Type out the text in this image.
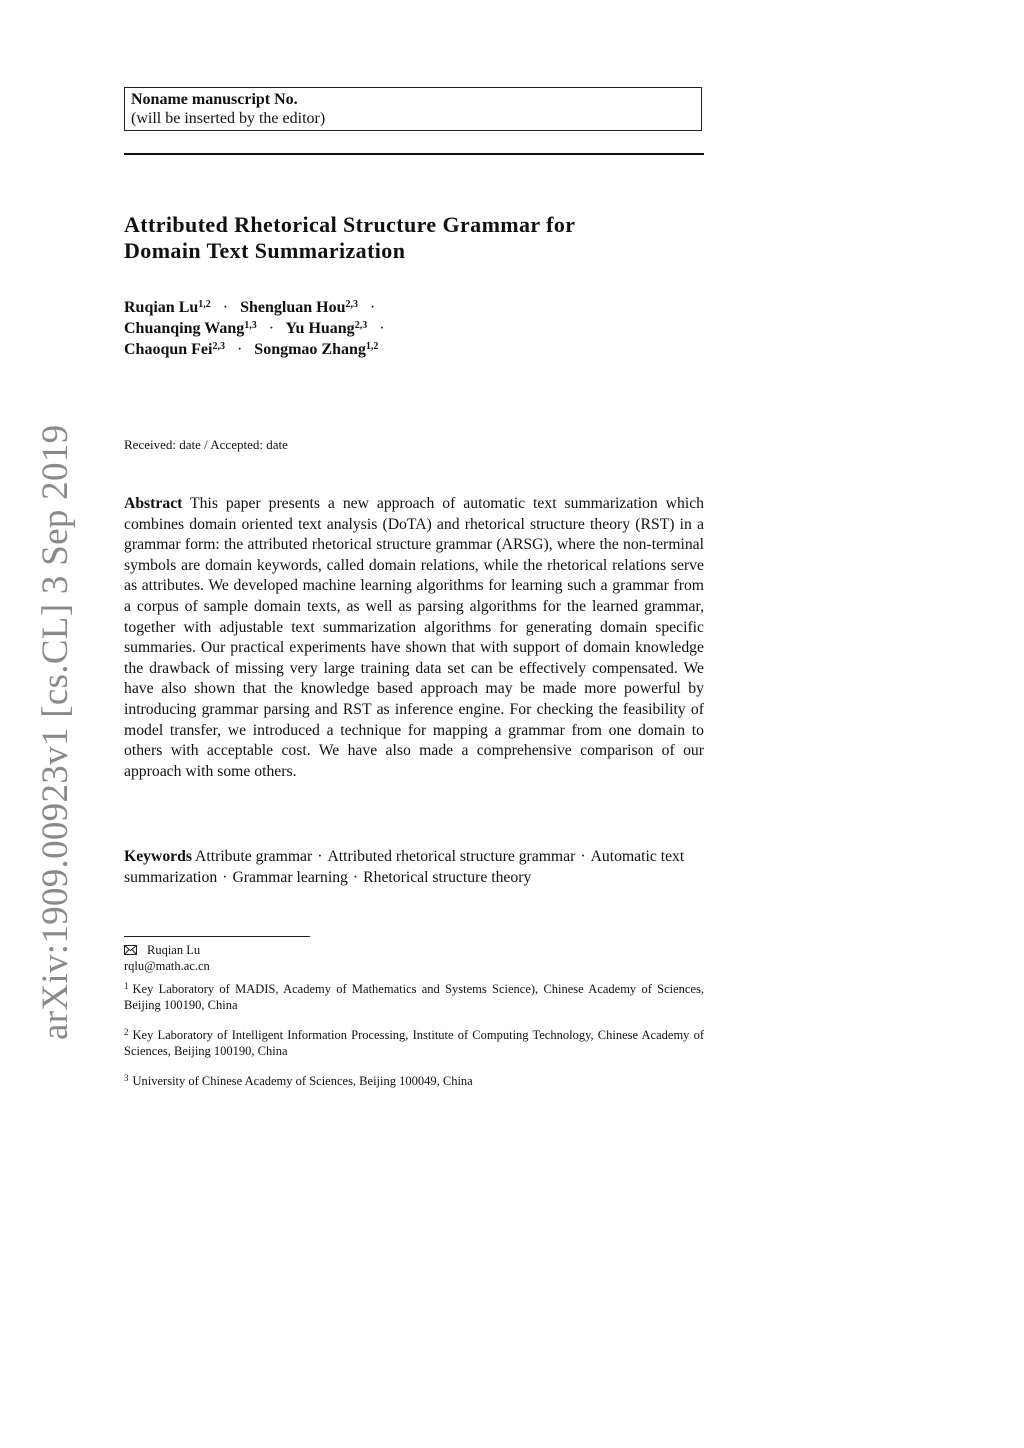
arXiv:1909.00923v1 [cs.CL] 3 Sep 2019
Noname manuscript No.
(will be inserted by the editor)
Attributed Rhetorical Structure Grammar for
Domain Text Summarization
Ruqian Lu$^{1,2}$ · Shengluan Hou$^{2,3}$ ·
Chuanqing Wang$^{1,3}$ · Yu Huang$^{2,3}$ ·
Chaoqun Fei$^{2,3}$ · Songmao Zhang$^{1,2}$
Received: date / Accepted: date
Abstract This paper presents a new approach of automatic text summarization which combines domain oriented text analysis (DoTA) and rhetorical structure theory (RST) in a grammar form: the attributed rhetorical structure grammar (ARSG), where the non-terminal symbols are domain keywords, called domain relations, while the rhetorical relations serve as attributes. We developed machine learning algorithms for learning such a grammar from a corpus of sample domain texts, as well as parsing algorithms for the learned grammar, together with adjustable text summarization algorithms for generating domain specific summaries. Our practical experiments have shown that with support of domain knowledge the drawback of missing very large training data set can be effectively compensated. We have also shown that the knowledge based approach may be made more powerful by introducing grammar parsing and RST as inference engine. For checking the feasibility of model transfer, we introduced a technique for mapping a grammar from one domain to others with acceptable cost. We have also made a comprehensive comparison of our approach with some others.
Keywords Attribute grammar · Attributed rhetorical structure grammar · Automatic text summarization · Grammar learning · Rhetorical structure theory
Ruqian Lu
rqlu@math.ac.cn
$^1$ Key Laboratory of MADIS, Academy of Mathematics and Systems Science), Chinese Academy of Sciences, Beijing 100190, China
$^2$ Key Laboratory of Intelligent Information Processing, Institute of Computing Technology, Chinese Academy of Sciences, Beijing 100190, China
$^3$ University of Chinese Academy of Sciences, Beijing 100049, China
